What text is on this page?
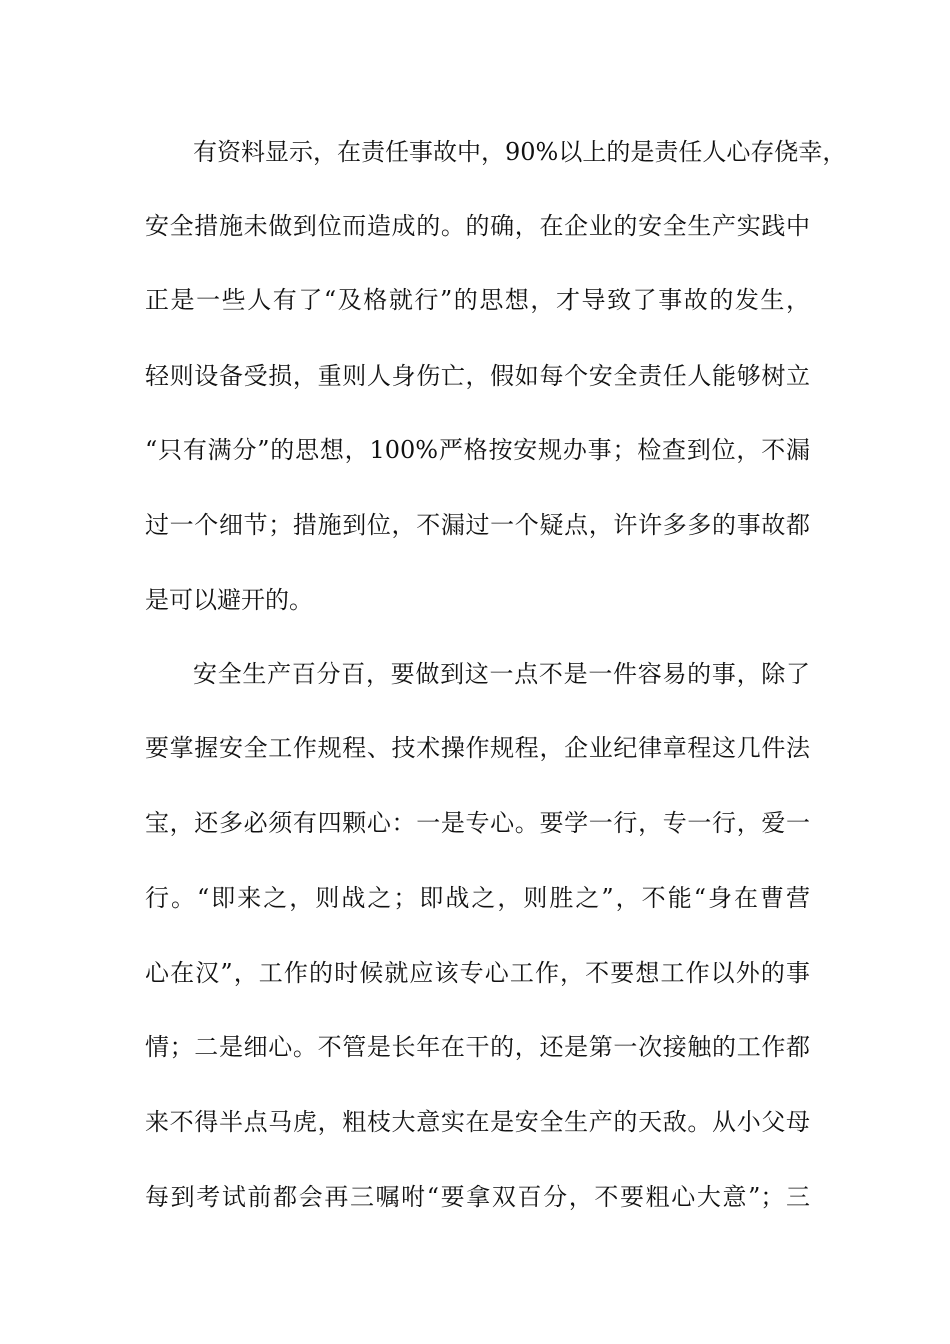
有资料显示，在责任事故中，90%以上的是责任人心存侥幸，
安全措施未做到位而造成的。的确，在企业的安全生产实践中
正是一些人有了“及格就行”的思想，才导致了事故的发生，
轻则设备受损，重则人身伤亡，假如每个安全责任人能够树立
“只有满分”的思想，100%严格按安规办事；检查到位，不漏
过一个细节；措施到位，不漏过一个疑点，许许多多的事故都
是可以避开的。
安全生产百分百，要做到这一点不是一件容易的事，除了
要掌握安全工作规程、技术操作规程，企业纪律章程这几件法
宝，还多必须有四颗心：一是专心。要学一行，专一行，爱一
行。“即来之，则战之；即战之，则胜之”，不能“身在曹营
心在汉”，工作的时候就应该专心工作，不要想工作以外的事
情；二是细心。不管是长年在干的，还是第一次接触的工作都
来不得半点马虎，粗枝大意实在是安全生产的天敌。从小父母
每到考试前都会再三嘱咐“要拿双百分，不要粗心大意”；三
